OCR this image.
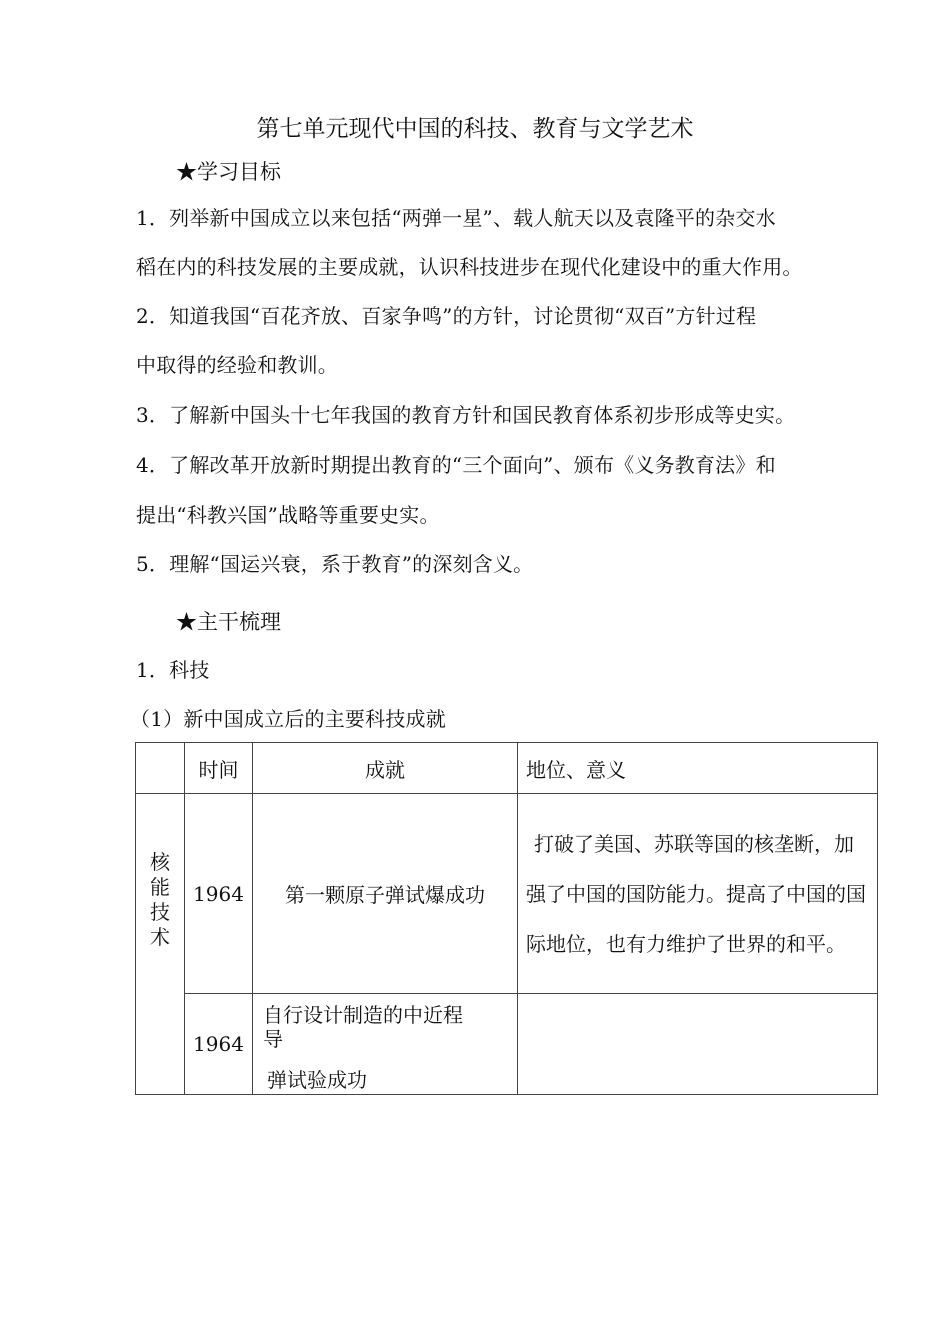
第七单元现代中国的科技、教育与文学艺术
★学习目标
1．列举新中国成立以来包括“两弹一星”、载人航天以及袁隆平的杂交水
稻在内的科技发展的主要成就，认识科技进步在现代化建设中的重大作用。
2．知道我国“百花齐放、百家争鸣”的方针，讨论贯彻“双百”方针过程
中取得的经验和教训。
3．了解新中国头十七年我国的教育方针和国民教育体系初步形成等史实。
4．了解改革开放新时期提出教育的“三个面向”、颁布《义务教育法》和
提出“科教兴国”战略等重要史实。
5．理解“国运兴衰，系于教育”的深刻含义。
★主干梳理
1．科技
（1）新中国成立后的主要科技成就
	时间	成就	地位、意义

核
能
技
术	1964	第一颗原子弹试爆成功	打破了美国、苏联等国的核垄断，加强了中国的国防能力。提高了中国的国际地位，也有力维护了世界的和平。
	1964	自行设计制造的中近程
导
弹试验成功	
